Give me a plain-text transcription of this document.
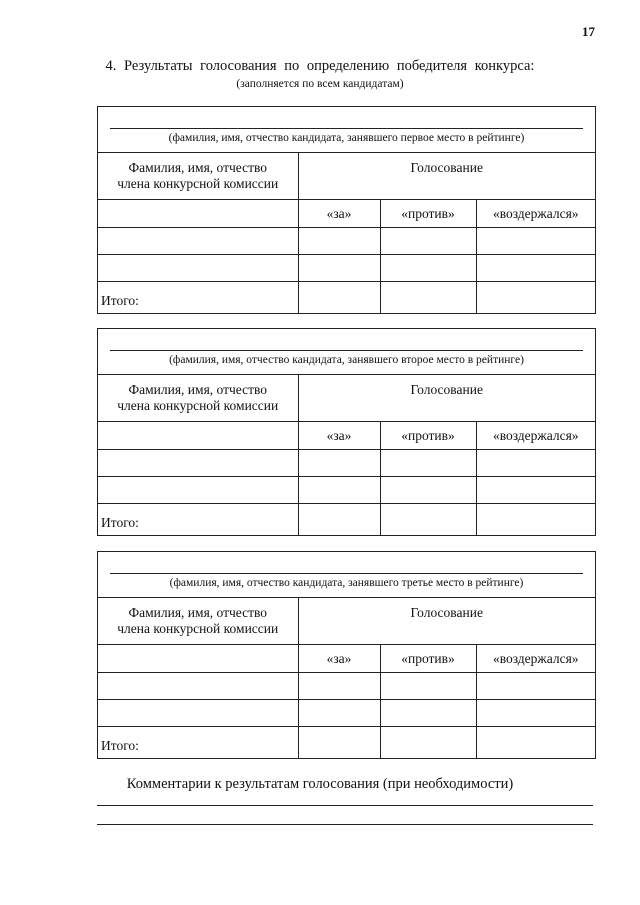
17
4. Результаты голосования по определению победителя конкурса:
(заполняется по всем кандидатам)
(фамилия, имя, отчество кандидата, занявшего первое место в рейтинге)
Фамилия, имя, отчество
члена конкурсной комиссии	Голосование		
	«за»	«против»	«воздержался»

Итого:			
(фамилия, имя, отчество кандидата, занявшего второе место в рейтинге)
Фамилия, имя, отчество
члена конкурсной комиссии	Голосование		
	«за»	«против»	«воздержался»

Итого:			
(фамилия, имя, отчество кандидата, занявшего третье место в рейтинге)
Фамилия, имя, отчество
члена конкурсной комиссии	Голосование		
	«за»	«против»	«воздержался»

Итого:			
Комментарии к результатам голосования (при необходимости)
